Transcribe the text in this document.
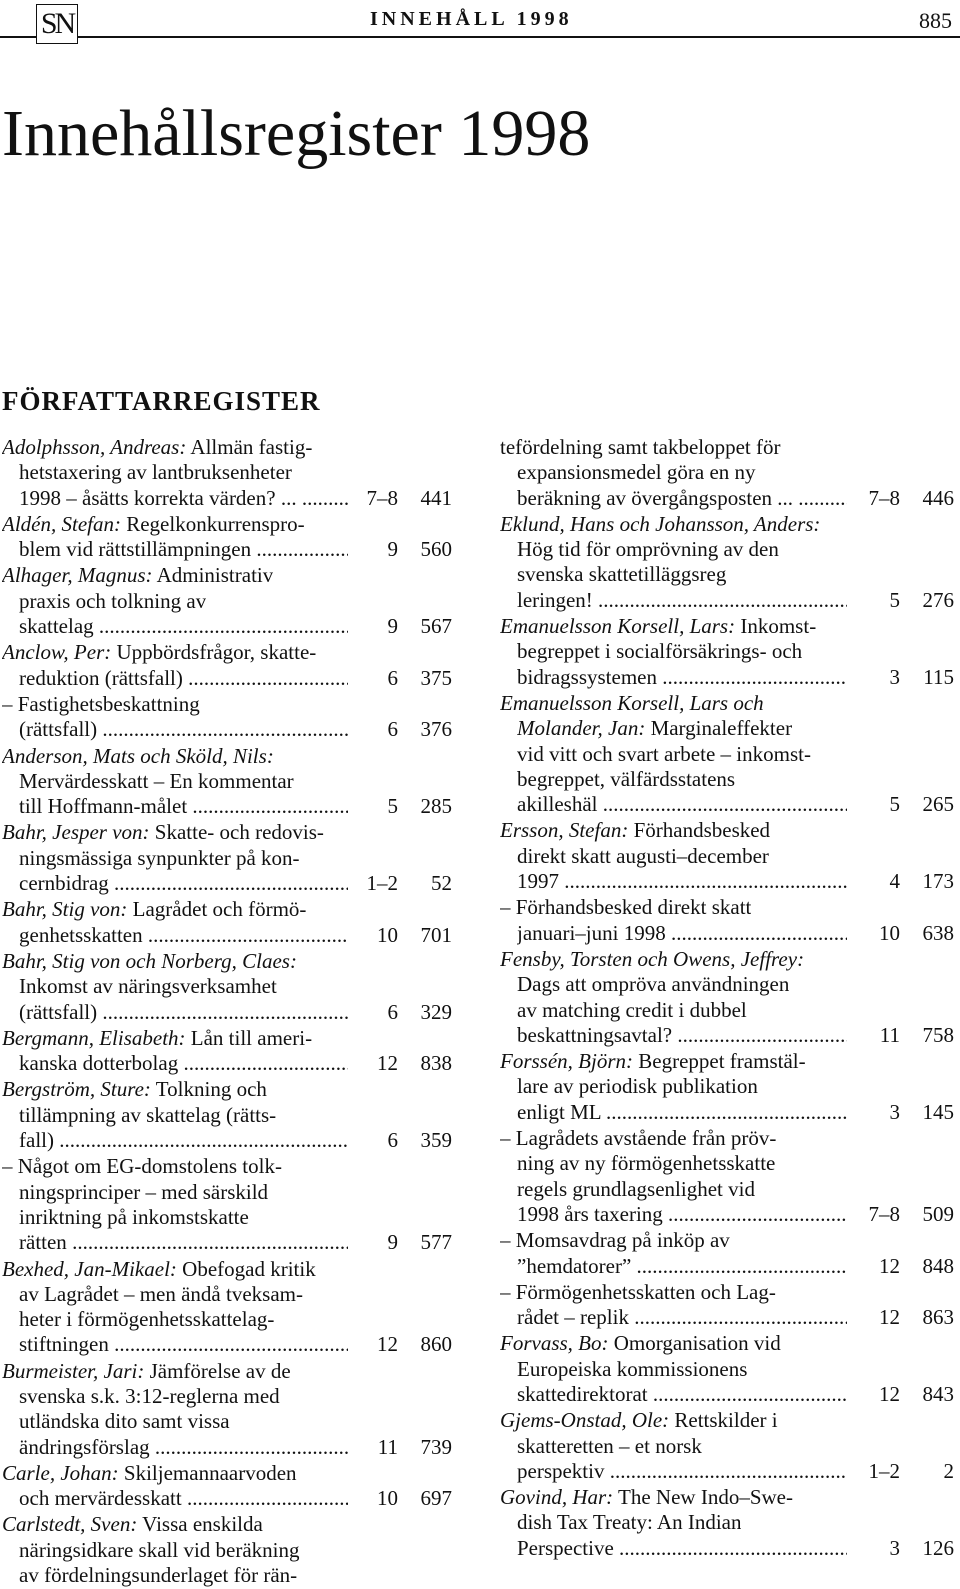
SN	INNEHÅLL 1998	885
Innehållsregister 1998
FÖRFATTARREGISTER
Adolphsson, Andreas: Allmän fastig-
hetstaxering av lantbruksenheter
1998 – åsätts korrekta värden? ... .....	7–8	441
Aldén, Stefan: Regelkonkurrenspro-
blem vid rättstillämpningen .....	9	560
Alhager, Magnus: Administrativ
praxis och tolkning av
skattelag .....	9	567
Anclow, Per: Uppbördsfrågor, skatte-
reduktion (rättsfall) .....	6	375
– Fastighetsbeskattning
(rättsfall) .....	6	376
Anderson, Mats och Sköld, Nils:
Mervärdesskatt – En kommentar
till Hoffmann-målet .....	5	285
Bahr, Jesper von: Skatte- och redovis-
ningsmässiga synpunkter på kon-
cernbidrag .....	1–2	52
Bahr, Stig von: Lagrådet och förmö-
genhetsskatten .....	10	701
Bahr, Stig von och Norberg, Claes:
Inkomst av näringsverksamhet
(rättsfall) .....	6	329
Bergmann, Elisabeth: Lån till ameri-
kanska dotterbolag .....	12	838
Bergström, Sture: Tolkning och
tillämpning av skattelag (rätts-
fall) .....	6	359
– Något om EG-domstolens tolk-
ningsprinciper – med särskild
inriktning på inkomstskatte
rätten .....	9	577
Bexhed, Jan-Mikael: Obefogad kritik
av Lagrådet – men ändå tveksam-
heter i förmögenhetsskattelag-
stiftningen .....	12	860
Burmeister, Jari: Jämförelse av de
svenska s.k. 3:12-reglerna med
utländska dito samt vissa
ändringsförslag .....	11	739
Carle, Johan: Skiljemannaarvoden
och mervärdesskatt .....	10	697
Carlstedt, Sven: Vissa enskilda
näringsidkare skall vid beräkning
av fördelningsunderlaget för rän-
tefördelning samt takbeloppet för
expansionsmedel göra en ny
beräkning av övergångsposten ... .....	7–8	446
Eklund, Hans och Johansson, Anders:
Hög tid för omprövning av den
svenska skattetilläggsreg
leringen! .....	5	276
Emanuelsson Korsell, Lars: Inkomst-
begreppet i socialförsäkrings- och
bidragssystemen .....	3	115
Emanuelsson Korsell, Lars och
Molander, Jan: Marginaleffekter
vid vitt och svart arbete – inkomst-
begreppet, välfärdsstatens
akilleshäl .....	5	265
Ersson, Stefan: Förhandsbesked
direkt skatt augusti–december
1997 .....	4	173
– Förhandsbesked direkt skatt
januari–juni 1998 .....	10	638
Fensby, Torsten och Owens, Jeffrey:
Dags att ompröva användningen
av matching credit i dubbel
beskattningsavtal? .....	11	758
Forssén, Björn: Begreppet framstäl-
lare av periodisk publikation
enligt ML .....	3	145
– Lagrådets avstående från pröv-
ning av ny förmögenhetsskatte
regels grundlagsenlighet vid
1998 års taxering .....	7–8	509
– Momsavdrag på inköp av
”hemdatorer” .....	12	848
– Förmögenhetsskatten och Lag-
rådet – replik .....	12	863
Forvass, Bo: Omorganisation vid
Europeiska kommissionens
skattedirektorat .....	12	843
Gjems-Onstad, Ole: Rettskilder i
skatteretten – et norsk
perspektiv .....	1–2	2
Govind, Har: The New Indo–Swe-
dish Tax Treaty: An Indian
Perspective .....	3	126
